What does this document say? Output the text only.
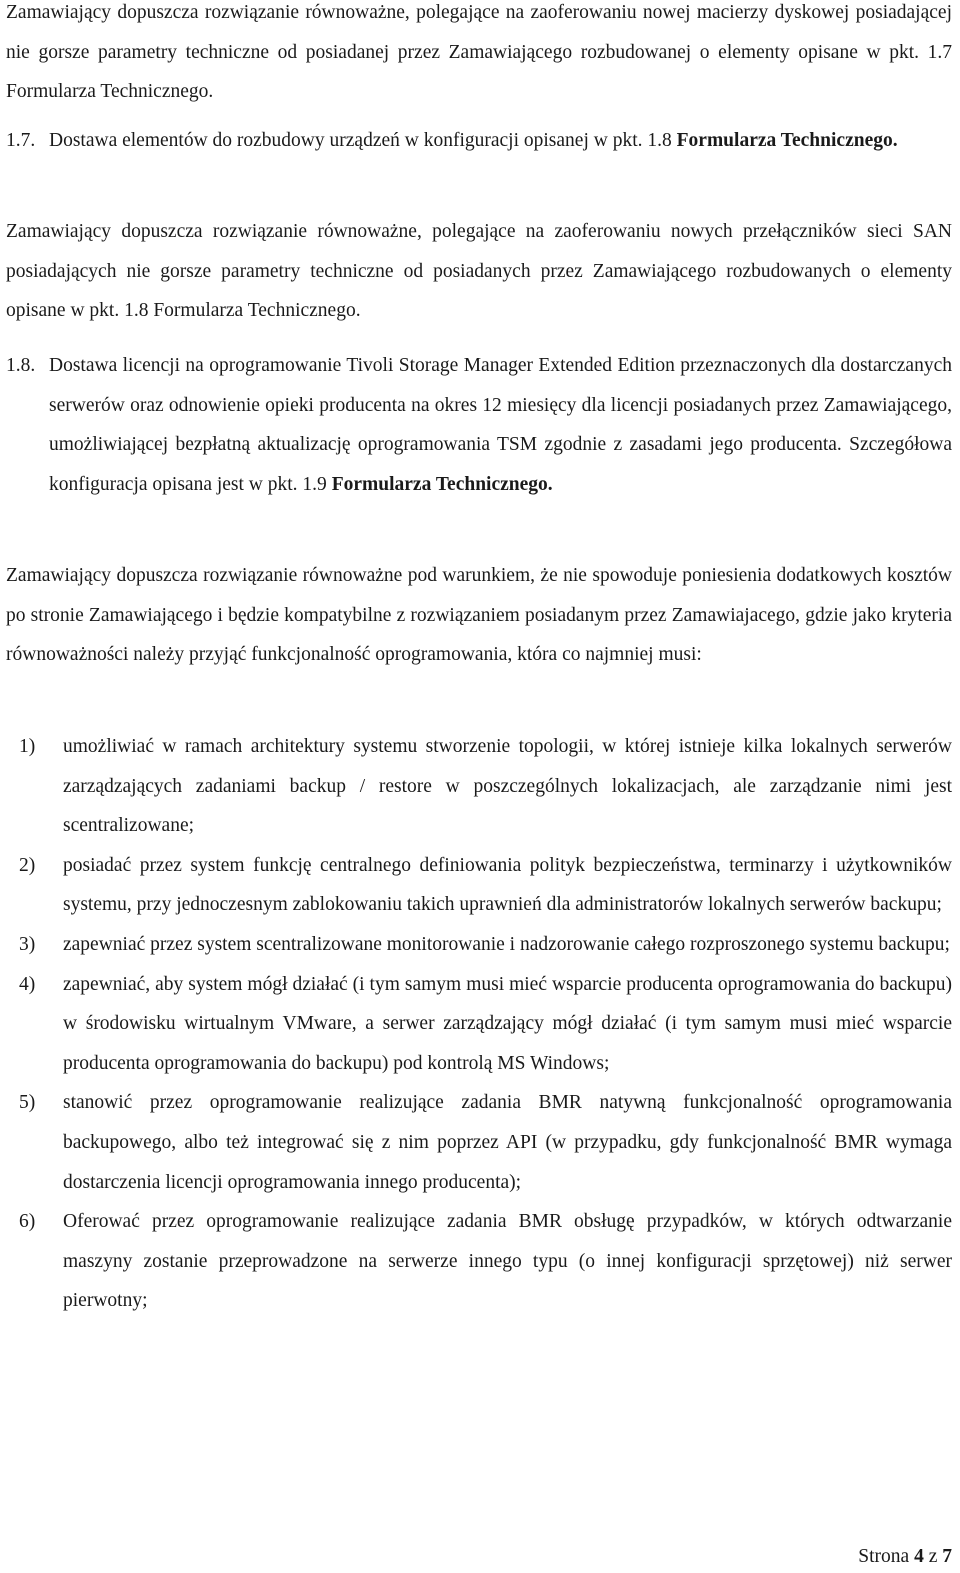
Zamawiający dopuszcza rozwiązanie równoważne, polegające na zaoferowaniu nowej macierzy dyskowej posiadającej nie gorsze parametry techniczne od posiadanej przez Zamawiającego rozbudowanej o elementy opisane w pkt. 1.7 Formularza Technicznego.

1.7. Dostawa elementów do rozbudowy urządzeń w konfiguracji opisanej w pkt. 1.8 Formularza Technicznego.

Zamawiający dopuszcza rozwiązanie równoważne, polegające na zaoferowaniu nowych przełączników sieci SAN posiadających nie gorsze parametry techniczne od posiadanych przez Zamawiającego rozbudowanych o elementy opisane w pkt. 1.8 Formularza Technicznego.

1.8. Dostawa licencji na oprogramowanie Tivoli Storage Manager Extended Edition przeznaczonych dla dostarczanych serwerów oraz odnowienie opieki producenta na okres 12 miesięcy dla licencji posiadanych przez Zamawiającego, umożliwiającej bezpłatną aktualizację oprogramowania TSM zgodnie z zasadami jego producenta. Szczegółowa konfiguracja opisana jest w pkt. 1.9 Formularza Technicznego.

Zamawiający dopuszcza rozwiązanie równoważne pod warunkiem, że nie spowoduje poniesienia dodatkowych kosztów po stronie Zamawiającego i będzie kompatybilne z rozwiązaniem posiadanym przez Zamawiajacego, gdzie jako kryteria równoważności należy przyjąć funkcjonalność oprogramowania, która co najmniej musi:

1)	umożliwiać w ramach architektury systemu stworzenie topologii, w której istnieje kilka lokalnych serwerów zarządzających zadaniami backup / restore w poszczególnych lokalizacjach, ale zarządzanie nimi jest scentralizowane;
2)	posiadać przez system funkcję centralnego definiowania polityk bezpieczeństwa, terminarzy i użytkowników systemu, przy jednoczesnym zablokowaniu takich uprawnień dla administratorów lokalnych serwerów backupu;
3)	zapewniać przez system scentralizowane monitorowanie i nadzorowanie całego rozproszonego systemu backupu;
4)	zapewniać, aby system mógł działać (i tym samym musi mieć wsparcie producenta oprogramowania do backupu) w środowisku wirtualnym VMware, a serwer zarządzający mógł działać (i tym samym musi mieć wsparcie producenta oprogramowania do backupu) pod kontrolą MS Windows;
5)	stanowić przez oprogramowanie realizujące zadania BMR natywną funkcjonalność oprogramowania backupowego, albo też integrować się z nim poprzez API (w przypadku, gdy funkcjonalność BMR wymaga dostarczenia licencji oprogramowania innego producenta);
6)	Oferować przez oprogramowanie realizujące zadania BMR obsługę przypadków, w których odtwarzanie maszyny zostanie przeprowadzone na serwerze innego typu (o innej konfiguracji sprzętowej) niż serwer pierwotny;
Strona 4 z 7
